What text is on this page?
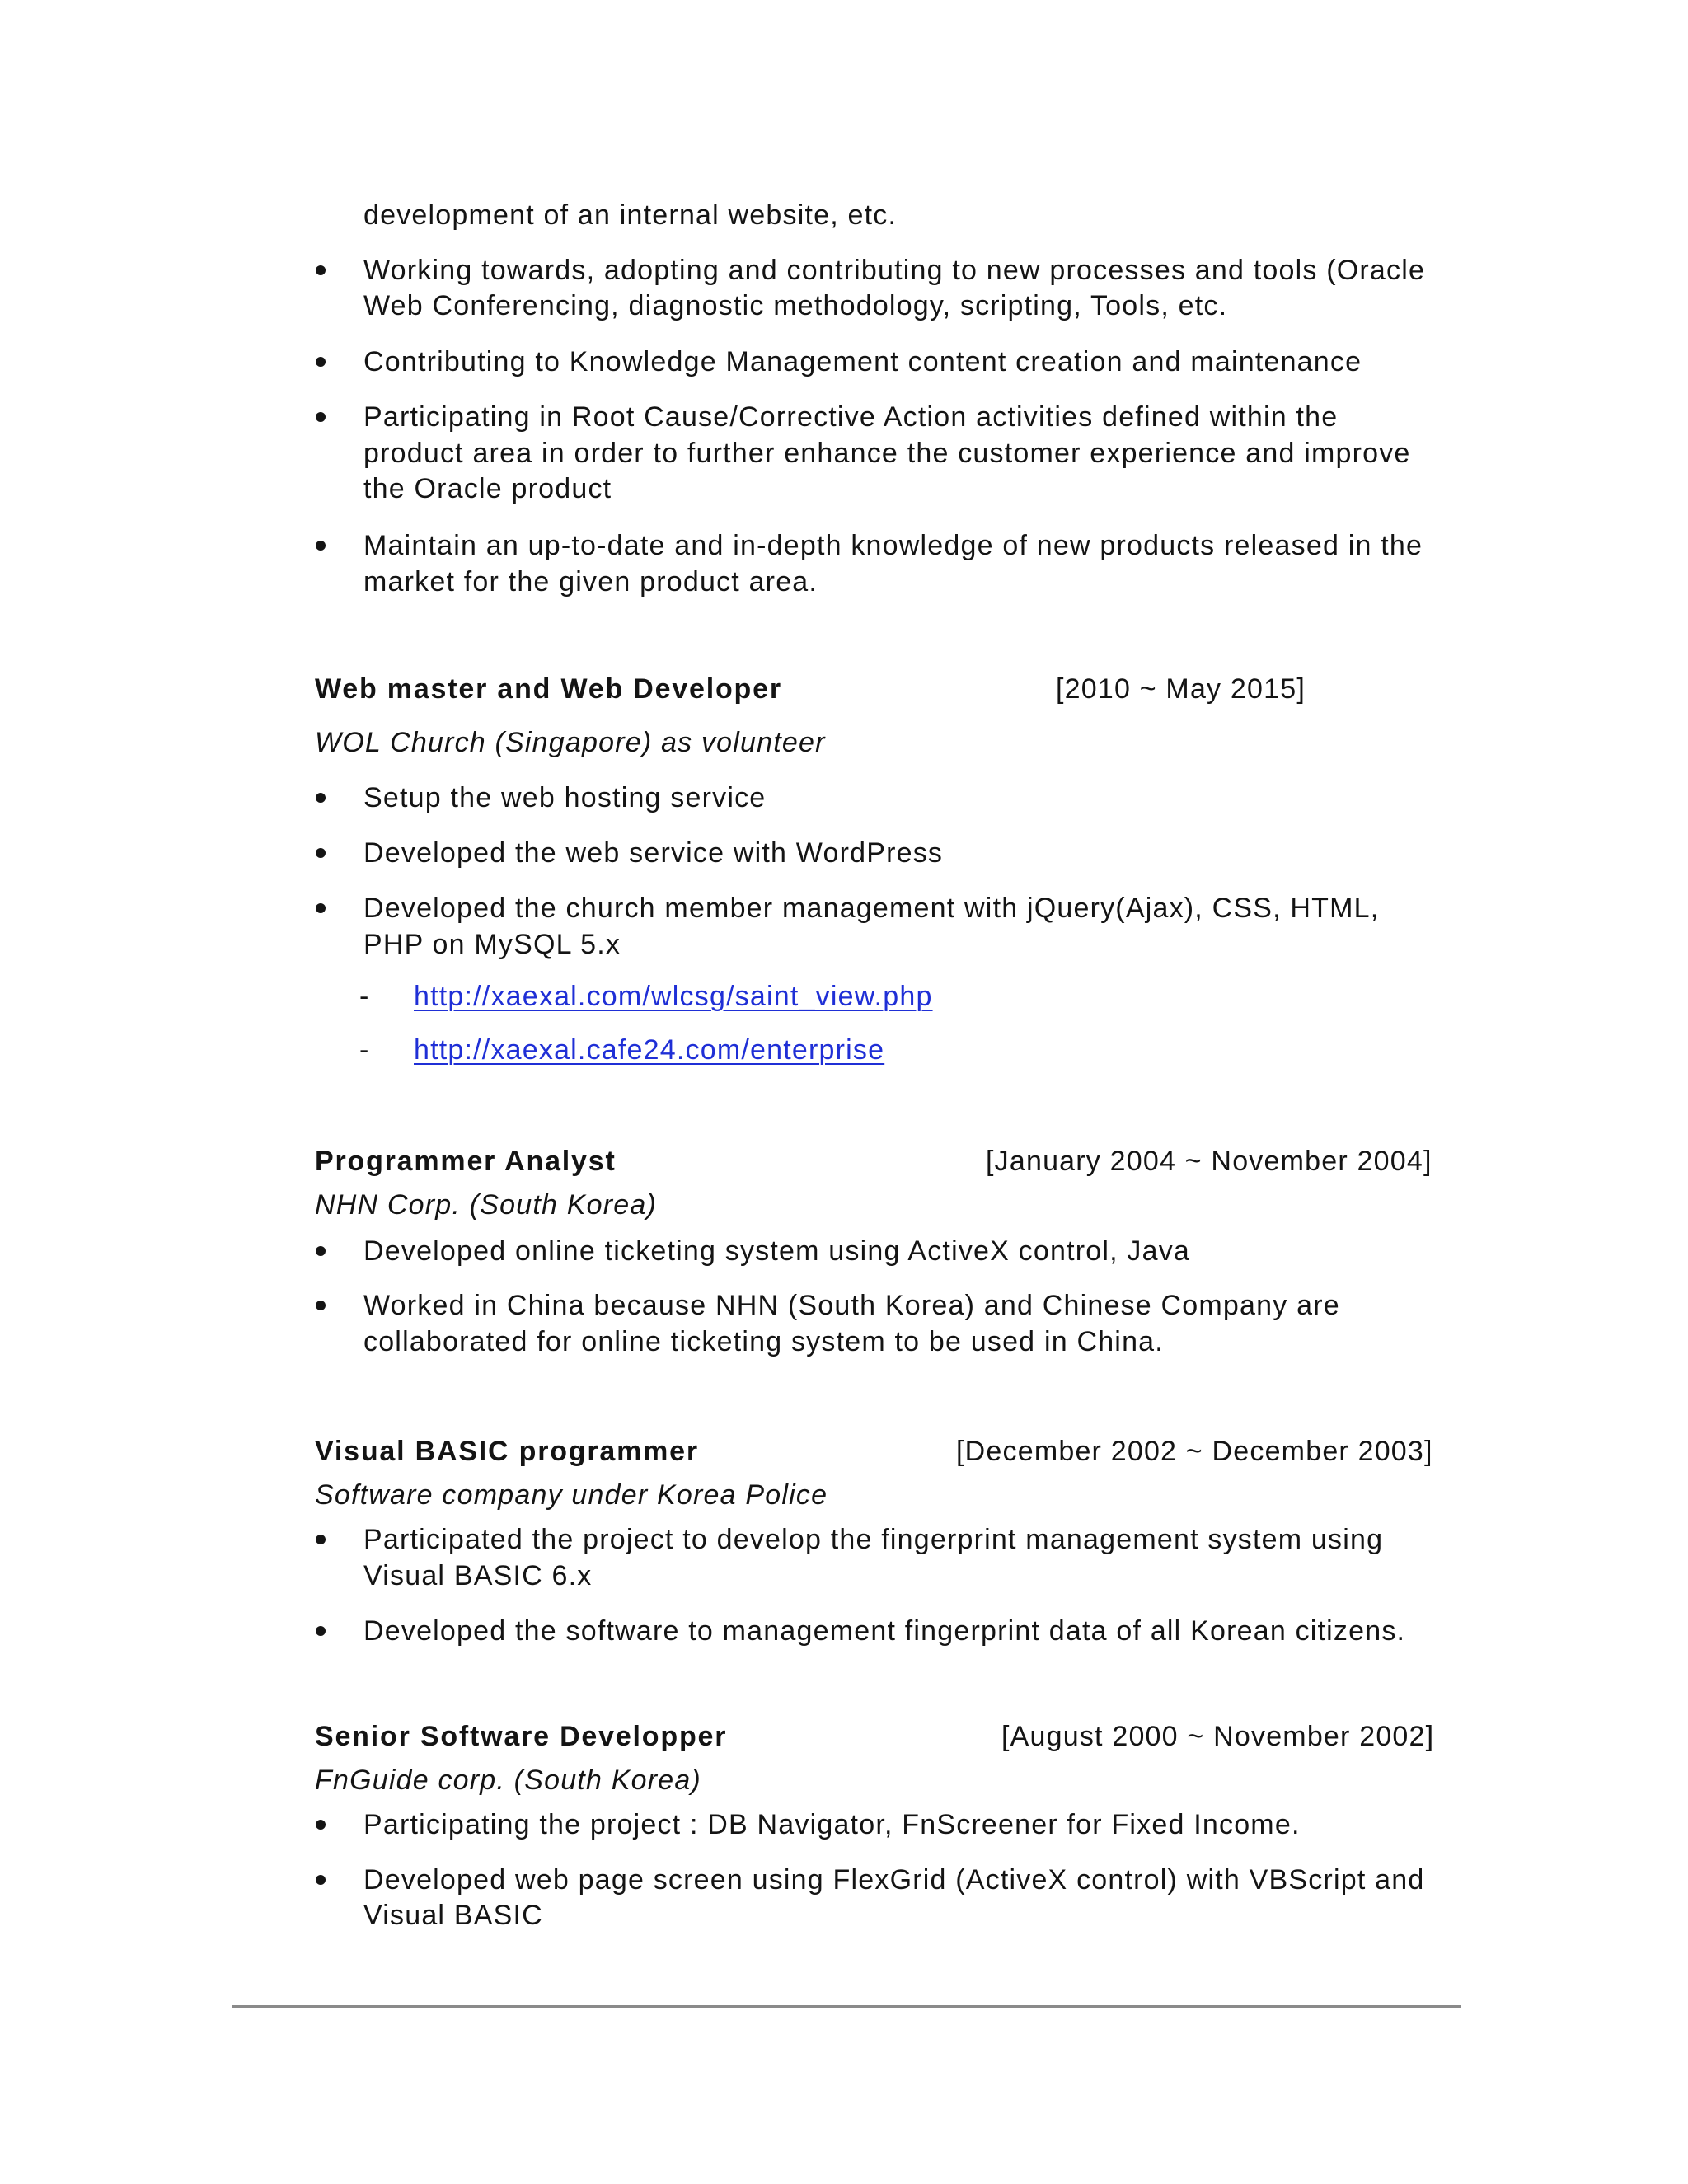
development of an internal website, etc.
Working towards, adopting and contributing to new processes and tools (Oracle
Web Conferencing, diagnostic methodology, scripting, Tools, etc.
Contributing to Knowledge Management content creation and maintenance
Participating in Root Cause/Corrective Action activities defined within the
product area in order to further enhance the customer experience and improve
the Oracle product
Maintain an up-to-date and in-depth knowledge of new products released in the
market for the given product area.
Web master and Web Developer	[2010 ~ May 2015]
WOL Church (Singapore) as volunteer
Setup the web hosting service
Developed the web service with WordPress
Developed the church member management with jQuery(Ajax), CSS, HTML,
PHP on MySQL 5.x
- http://xaexal.com/wlcsg/saint_view.php
- http://xaexal.cafe24.com/enterprise
Programmer Analyst	[January 2004 ~ November 2004]
NHN Corp. (South Korea)
Developed online ticketing system using ActiveX control, Java
Worked in China because NHN (South Korea) and Chinese Company are
collaborated for online ticketing system to be used in China.
Visual BASIC programmer	[December 2002 ~ December 2003]
Software company under Korea Police
Participated the project to develop the fingerprint management system using
Visual BASIC 6.x
Developed the software to management fingerprint data of all Korean citizens.
Senior Software Developper	[August 2000 ~ November 2002]
FnGuide corp. (South Korea)
Participating the project : DB Navigator, FnScreener for Fixed Income.
Developed web page screen using FlexGrid (ActiveX control) with VBScript and
Visual BASIC
